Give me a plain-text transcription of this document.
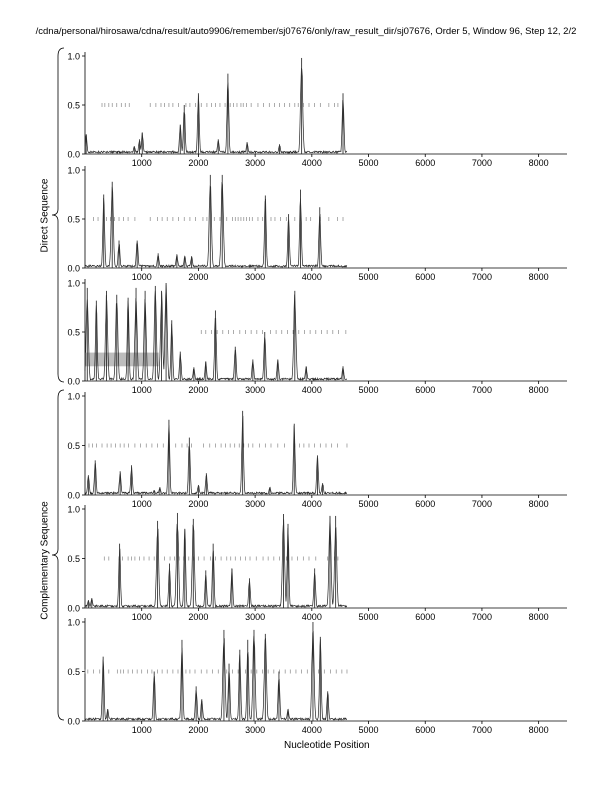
/cdna/personal/hirosawa/cdna/result/auto9906/remember/sj07676/only/raw_result_dir/sj07676, Order 5, Window 96, Step 12, 2/2
0.0
0.5
1.0
1000	2000	3000	4000	5000	6000	7000	8000
0.0
0.5
1.0
1000	2000	3000	4000	5000	6000	7000	8000
0.0
0.5
1.0
1000	2000	3000	4000	5000	6000	7000	8000
0.0
0.5
1.0
1000	2000	3000	4000	5000	6000	7000	8000
0.0
0.5
1.0
1000	2000	3000	4000	5000	6000	7000	8000
0.0
0.5
1.0
1000	2000	3000	4000	5000	6000	7000	8000
Direct Sequence
Complementary Sequence
Nucleotide Position
